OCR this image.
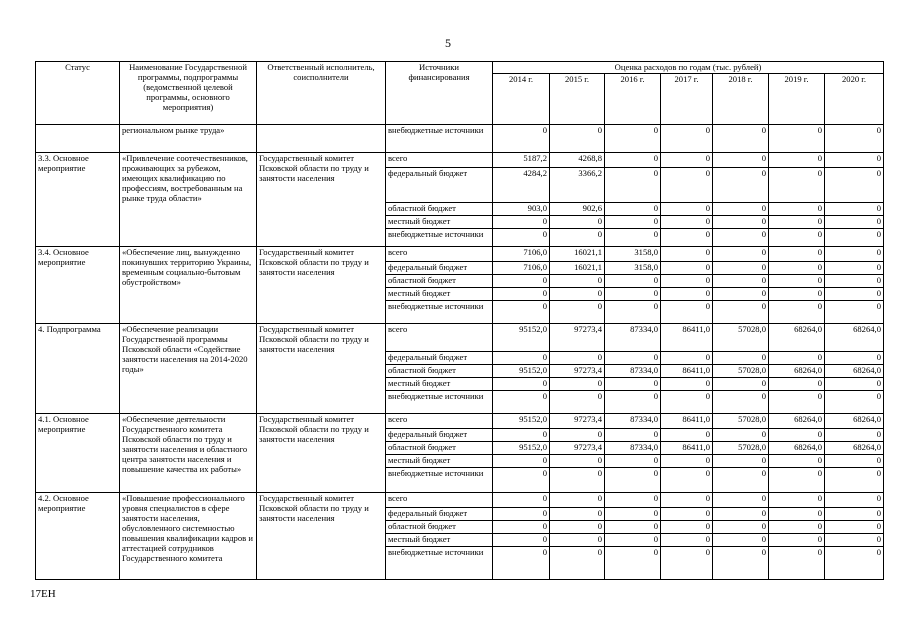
5
Статус	Наименование Государственной программы, подпрограммы (ведомственной целевой программы, основного мероприятия)	Ответственный исполнитель, соисполнители	Источники финансирования	Оценка расходов по годам (тыс. рублей)						
				2014 г.	2015 г.	2016 г.	2017 г.	2018 г.	2019 г.	2020 г.
	региональном рынке труда»		внебюджетные источники	0	0	0	0	0	0	0
3.3. Основное мероприятие	«Привлечение соотечественников, проживающих за рубежом, имеющих квалификацию по профессиям, востребованным на рынке труда области»	Государственный комитет Псковской области по труду и занятости населения	всего	5187,2	4268,8	0	0	0	0	0
			федеральный бюджет	4284,2	3366,2	0	0	0	0	0
			областной бюджет	903,0	902,6	0	0	0	0	0
			местный бюджет	0	0	0	0	0	0	0
			внебюджетные источники	0	0	0	0	0	0	0
3.4. Основное мероприятие	«Обеспечение лиц, вынужденно покинувших территорию Украины, временным социально-бытовым обустройством»	Государственный комитет Псковской области по труду и занятости населения	всего	7106,0	16021,1	3158,0	0	0	0	0
			федеральный бюджет	7106,0	16021,1	3158,0	0	0	0	0
			областной бюджет	0	0	0	0	0	0	0
			местный бюджет	0	0	0	0	0	0	0
			внебюджетные источники	0	0	0	0	0	0	0
4. Подпрограмма	«Обеспечение реализации Государственной программы Псковской области «Содействие занятости населения на 2014-2020 годы»	Государственный комитет Псковской области по труду и занятости населения	всего	95152,0	97273,4	87334,0	86411,0	57028,0	68264,0	68264,0
			федеральный бюджет	0	0	0	0	0	0	0
			областной бюджет	95152,0	97273,4	87334,0	86411,0	57028,0	68264,0	68264,0
			местный бюджет	0	0	0	0	0	0	0
			внебюджетные источники	0	0	0	0	0	0	0
4.1. Основное мероприятие	«Обеспечение деятельности Государственного комитета Псковской области по труду и занятости населения и областного центра занятости населения и повышение качества их работы»	Государственный комитет Псковской области по труду и занятости населения	всего	95152,0	97273,4	87334,0	86411,0	57028,0	68264,0	68264,0
			федеральный бюджет	0	0	0	0	0	0	0
			областной бюджет	95152,0	97273,4	87334,0	86411,0	57028,0	68264,0	68264,0
			местный бюджет	0	0	0	0	0	0	0
			внебюджетные источники	0	0	0	0	0	0	0
4.2. Основное мероприятие	«Повышение профессионального уровня специалистов в сфере занятости населения, обусловленного системностью повышения квалификации кадров и аттестацией сотрудников Государственного комитета	Государственный комитет Псковской области по труду и занятости населения	всего	0	0	0	0	0	0	0
			федеральный бюджет	0	0	0	0	0	0	0
			областной бюджет	0	0	0	0	0	0	0
			местный бюджет	0	0	0	0	0	0	0
			внебюджетные источники	0	0	0	0	0	0	0
17ЕН
